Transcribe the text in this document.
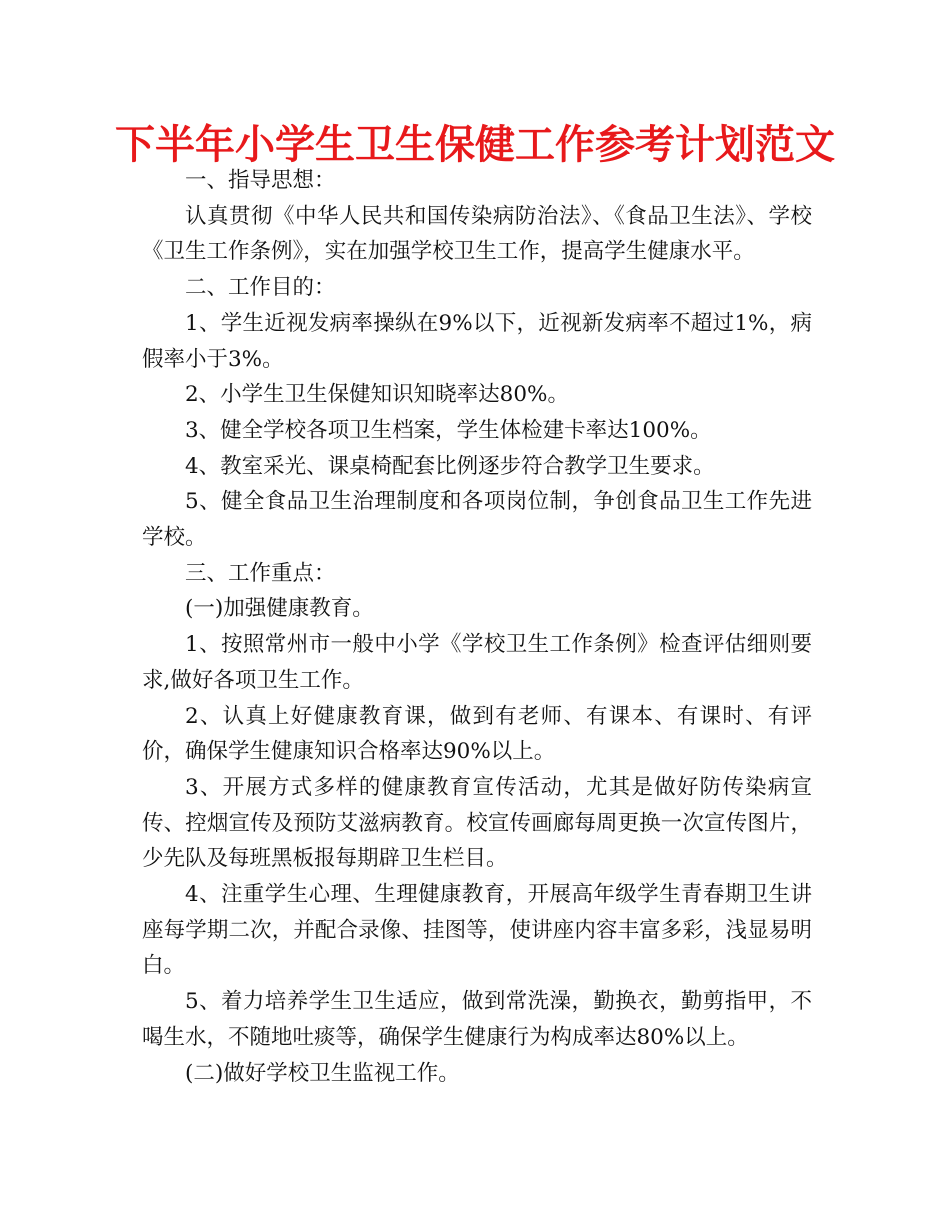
下半年小学生卫生保健工作参考计划范文

一、指导思想：

认真贯彻《中华人民共和国传染病防治法》、《食品卫生法》、学校《卫生工作条例》，实在加强学校卫生工作，提高学生健康水平。

二、工作目的：

1、学生近视发病率操纵在9%以下，近视新发病率不超过1%，病假率小于3%。

2、小学生卫生保健知识知晓率达80%。

3、健全学校各项卫生档案，学生体检建卡率达100%。

4、教室采光、课桌椅配套比例逐步符合教学卫生要求。

5、健全食品卫生治理制度和各项岗位制，争创食品卫生工作先进学校。

三、工作重点：

(一)加强健康教育。

1、按照常州市一般中小学《学校卫生工作条例》检查评估细则要求,做好各项卫生工作。

2、认真上好健康教育课，做到有老师、有课本、有课时、有评价，确保学生健康知识合格率达90%以上。

3、开展方式多样的健康教育宣传活动，尤其是做好防传染病宣传、控烟宣传及预防艾滋病教育。校宣传画廊每周更换一次宣传图片，少先队及每班黑板报每期辟卫生栏目。

4、注重学生心理、生理健康教育，开展高年级学生青春期卫生讲座每学期二次，并配合录像、挂图等，使讲座内容丰富多彩，浅显易明白。

5、着力培养学生卫生适应，做到常洗澡，勤换衣，勤剪指甲，不喝生水，不随地吐痰等，确保学生健康行为构成率达80%以上。

(二)做好学校卫生监视工作。
